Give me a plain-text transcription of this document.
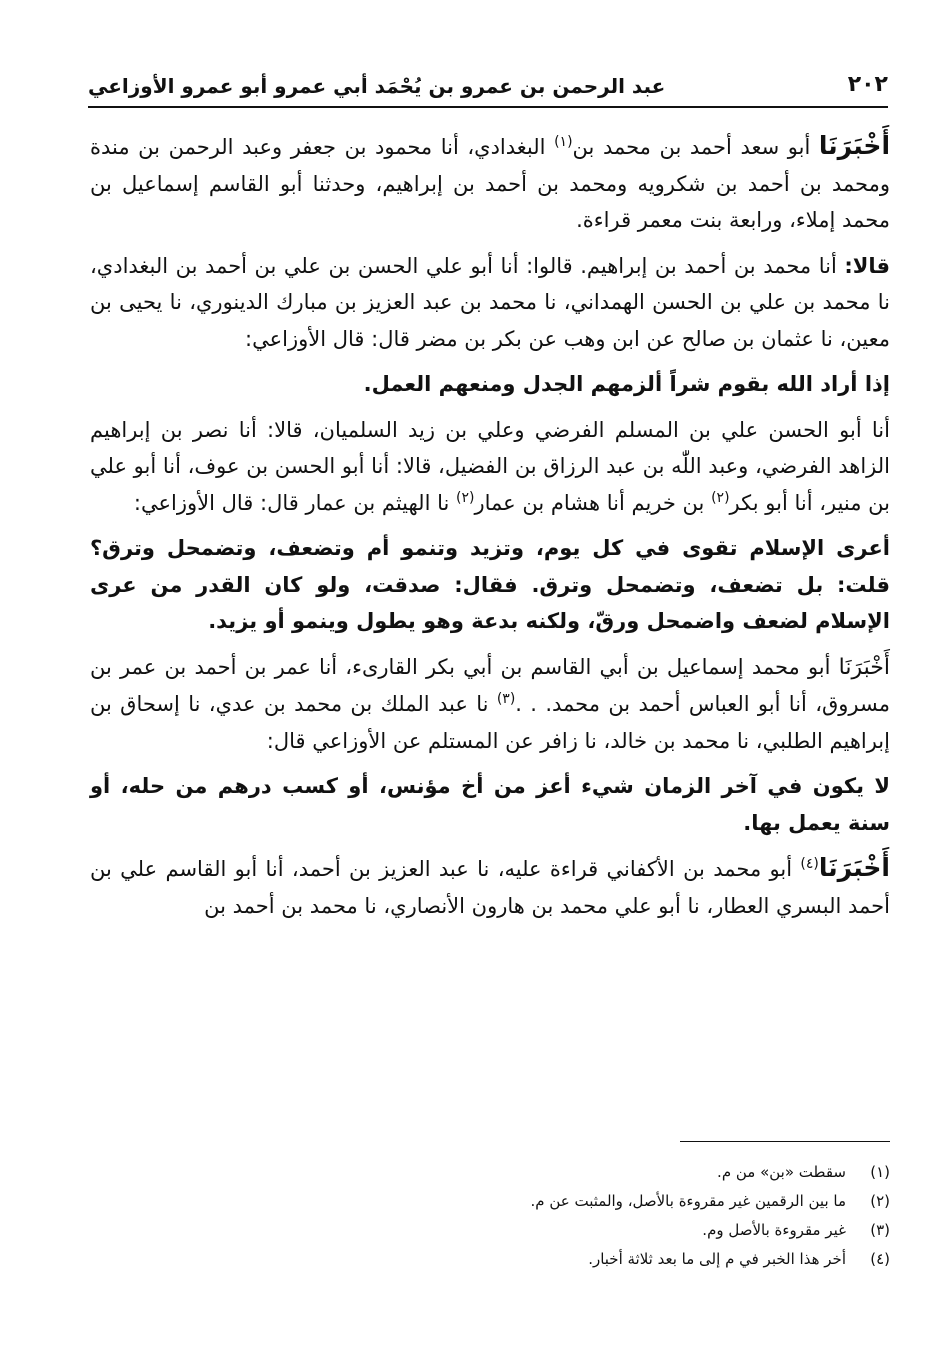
٢٠٢
عبد الرحمن بن عمرو بن يُحْمَد أبي عمرو أبو عمرو الأوزاعي

أَخْبَرَنَا أبو سعد أحمد بن محمد بن$^{(١)}$ البغدادي، أنا محمود بن جعفر وعبد الرحمن بن مندة ومحمد بن أحمد بن شكرويه ومحمد بن أحمد بن إبراهيم، وحدثنا أبو القاسم إسماعيل بن محمد إملاء، ورابعة بنت معمر قراءة.

قالا: أنا محمد بن أحمد بن إبراهيم. قالوا: أنا أبو علي الحسن بن علي بن أحمد بن البغدادي، نا محمد بن علي بن الحسن الهمداني، نا محمد بن عبد العزيز بن مبارك الدينوري، نا يحيى بن معين، نا عثمان بن صالح عن ابن وهب عن بكر بن مضر قال: قال الأوزاعي:

إذا أراد الله بقوم شراً ألزمهم الجدل ومنعهم العمل.

أنا أبو الحسن علي بن المسلم الفرضي وعلي بن زيد السلميان، قالا: أنا نصر بن إبراهيم الزاهد الفرضي، وعبد اللّٰه بن عبد الرزاق بن الفضيل، قالا: أنا أبو الحسن بن عوف، أنا أبو علي بن منير، أنا أبو بكر$^{(٢)}$ بن خريم أنا هشام بن عمار$^{(٢)}$ نا الهيثم بن عمار قال: قال الأوزاعي:

أعرى الإسلام تقوى في كل يوم، وتزيد وتنمو أم وتضعف، وتضمحل وترق؟ قلت: بل تضعف، وتضمحل وترق. فقال: صدقت، ولو كان القدر من عرى الإسلام لضعف واضمحل ورقّ، ولكنه بدعة وهو يطول وينمو أو يزيد.

أَخْبَرَنَا أبو محمد إسماعيل بن أبي القاسم بن أبي بكر القارىء، أنا عمر بن أحمد بن عمر بن مسروق، أنا أبو العباس أحمد بن محمد. . .$^{(٣)}$ نا عبد الملك بن محمد بن عدي، نا إسحاق بن إبراهيم الطلبي، نا محمد بن خالد، نا زافر عن المستلم عن الأوزاعي قال:

لا يكون في آخر الزمان شيء أعز من أخ مؤنس، أو كسب درهم من حله، أو سنة يعمل بها.

أَخْبَرَنَا$^{(٤)}$ أبو محمد بن الأكفاني قراءة عليه، نا عبد العزيز بن أحمد، أنا أبو القاسم علي بن أحمد البسري العطار، نا أبو علي محمد بن هارون الأنصاري، نا محمد بن أحمد بن

(١)سقطت «بن» من م.
(٢)ما بين الرقمين غير مقروءة بالأصل، والمثبت عن م.
(٣)غير مقروءة بالأصل وم.
(٤)أخر هذا الخبر في م إلى ما بعد ثلاثة أخبار.
